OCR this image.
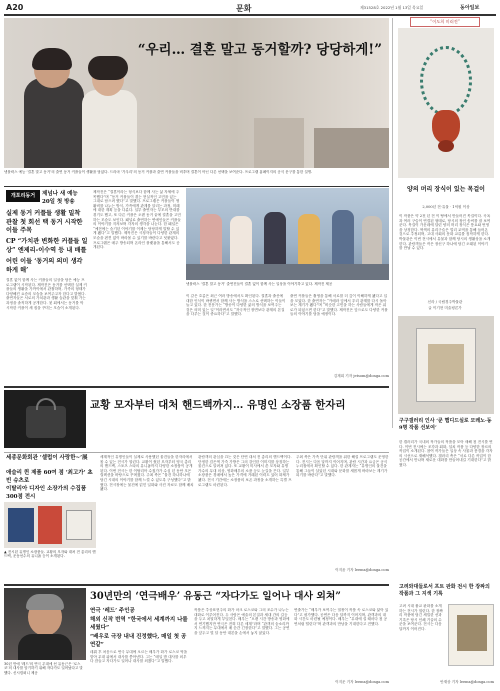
A20	문화	제31528호 2022년 1월 13일 목요일	동아일보
“우리… 결혼 말고 동거할까? 당당하게!”
넷플릭스 예능 ‘결혼 말고 동거’의 출연 동거 커플들이 생활을 담았다. 드라마 ‘가우리’의 동거 커플과 출연 커플들을 비추며 결혼이 아닌 다른 선택을 보여준다. 프로그램 홈페이지의 공식 문구를 통한 설명.
“이도희 미러전”
양의 머리 장식이 있는 목걸이
2,000년 전·유물 · 1억원 이상
이 작품은 약 2천 년 전 이 땅에서 만들어진 목걸이다. 곡옥과 여러 구슬이 연결된 형태로, 당시의 장인 솜씨를 잘 보여준다. 목걸이 가운데에 달린 양의 머리 장식은 풍요와 번영을 상징한다. 색색의 유리구슬은 멀리 교역을 통해 들어온 것으로 추정되며, 고대 사회의 문화 교류를 짐작하게 한다. 박물관은 이번 전시에서 유물과 함께 당시의 생활상을 소개한다. 관람객들은 작은 장신구 하나에 담긴 오래된 이야기를 만날 수 있다.
신라 / 국립경주박물관
글 이기현 미술평론가
개포리동거	제넘나 새 예능
20일 첫 방송
실제 동거 커플들 생활 밀착 관찰 첫 회선 택 동거 시작한 이들 주목
CP “가치관 변화한 커플들 일상” 엔제리-이수역 등 내 배틀
어린 이들 ‘동거의 의미 생각하게 해’
결혼 없이 함께 사는 커플들의 일상을 담은 예능 프로그램이 시작된다. 제작진은 동거를 선택한 실제 커플들의 생활을 가까이에서 관찰하며, 가족의 형태가 다양해진 요즘의 모습을 보여주고자 한다고 밝혔다. 출연자들은 서로의 가치관과 생활 습관을 맞춰 가는 과정을 솔직하게 공개한다. 첫 회에서는 동거를 막 시작한 커플이 새 집을 꾸미는 모습이 소개된다.
제작진은 “결혼이라는 형식보다 함께 사는 삶 자체에 주목했다”며 “동거 커플들이 겪는 현실적인 고민을 있는 그대로 담으려 했다”고 말했다. 프로그램은 커플들이 생활비를 나누는 방식, 가족에게 관계를 알리는 과정, 미래에 대한 계획 등을 다룬다. 일부 출연자는 부모의 반대를 겪기도 했고, 또 다른 커플은 오랜 동거 끝에 결혼을 고민하는 모습도 보인다. 패널로 출연하는 연예인들은 커플들의 이야기를 지켜보며 각자의 생각을 나눈다. 한 패널은 “예전에는 숨기던 이야기를 이제는 당당하게 말할 수 있게 됐다”고 말했다. 제작진은 시청자들이 다양한 관계의 모습을 편견 없이 바라볼 수 있기를 바란다고 덧붙였다. 프로그램은 매주 방송되며 온라인 플랫폼을 통해서도 공개된다.
넷플릭스 ‘결혼 말고 동거’ 출연진들이 결혼 없이 함께 사는 일상을 이야기하고 있다. 제작진 제공
이 같은 흐름은 최근 여러 방송에서도 확인된다. 결혼과 출산에 대한 인식이 바뀌면서 함께 사는 방식을 스스로 선택하는 이들이 늘고 있다. 한 전문가는 “방송이 다양한 삶의 방식을 보여주는 것은 의미 있는 일”이라면서도 “자극적인 장면보다 관계의 본질을 다루는 것이 중요하다”고 말했다.
출연 커플들은 촬영을 통해 서로를 더 깊이 이해하게 됐다고 입을 모았다. 한 출연자는 “카메라 앞에서 우리 관계를 다시 돌아보는 계기가 됐다”며 “비슷한 고민을 하는 사람들에게 작은 위로가 되었으면 한다”고 말했다. 제작진은 앞으로도 다양한 커플들의 이야기를 담을 예정이다.
김재희 기자 jetsom@donga.com
교황 모자부터 대처 핸드백까지… 유명인 소장품 한자리
세종문화회관 ‘셀럽이 사랑한~’展
애슬리 퀸 제품 60여 점 ‘최고가’ 초빈 슈츠로
이탈리아 디자인 소장가의 수집품 300점 전시
▲ 전시된 유명인 소장품들. 교황의 모자와 대처 전 총리의 핸드백, 운동선수의 유니폼 등이 소개된다.
세계적인 유명인들이 실제로 사용했던 물건들을 한자리에서 볼 수 있는 전시가 열린다. 교황이 썼던 모자부터 영국 총리의 핸드백, 스포츠 스타의 유니폼까지 다양한 소장품이 공개된다. 이번 전시는 한 이탈리아 수집가가 수십 년 동안 모은 컬렉션을 바탕으로 꾸며졌다. 주최 측은 “물건 하나하나에 담긴 시대의 이야기를 함께 느낄 수 있도록 구성했다”고 밝혔다. 전시장에는 물건에 얽힌 일화와 사진 자료도 함께 배치됐다.
관람객의 관심을 끄는 것은 단연 대처 전 총리의 핸드백이다. 단정한 검은색 가죽 가방은 그의 강인한 이미지를 상징하는 물건으로 알려져 있다. 또 교황이 미사에서 쓴 모자와 유명 가수의 무대 의상, 영화배우의 소품 등도 눈길을 끈다. 일부 소장품은 경매에서 높은 가격에 거래된 이력도 있어 화제가 됐다. 전시 기간에는 소장품의 보존 과정을 소개하는 특별 프로그램도 마련된다.
주최 측은 가족 단위 관람객을 위한 해설 프로그램도 운영한다. 전시는 다음 달까지 이어지며, 관람 시간과 요금은 공식 누리집에서 확인할 수 있다. 한 관계자는 “유명인의 물건을 통해 그들이 살았던 시대와 문화를 새롭게 바라보는 계기가 되기를 바란다”고 말했다.
이지윤 기자 leemz@donga.com
구구갤러리 인사 ‘쿤 햄디드실로 모레노·동 9명 작품 선보여’
한 갤러리가 국내외 작가들의 작품을 모아 새해 첫 전시를 연다. 이번 전시에는 조각과 회화, 설치 작품 등 다양한 장르의 작업이 소개된다. 참여 작가들은 일상 속 사물과 풍경을 각자의 시선으로 재해석했다. 갤러리 측은 “서로 다른 작업이 한 공간에서 만나며 새로운 대화를 만들어내길 기대한다”고 밝혔다.
30년만의 ‘연극배우’ 유동근 “자다가도 일어나 대사 외쳐”
연극 ‘레드’ 주인공
해외 신작 번역 “한국에서 세계까지 나를 세웠다”
“배우로 극장 내내 진정했다, 매일 첫 공연같”
30년 만에 ‘레드’의 연극 무대에 선 유동근은 ‘로스코’의 대사를 암기하기 위해 자다가도 일어났다고 말했다. 신시컴퍼니 제공
데뷔 후 처음으로 연극 무대에 오르는 배우가 화가 로스코 역을 맡아 무대 위에서 대사를 쏟아낸다. 그는 “매일 밤 대사를 외우다 잠들고 자다가도 일어나 대사를 외쳤다”고 말했다.
작품은 추상표현주의 화가 마크 로스코와 그의 조수가 나누는 대화로 이루어진다. 두 사람은 예술의 본질과 세대 간의 갈등을 두고 치열하게 부딪친다. 배우는 “오랜 시간 방송과 영화에서 연기했지만 연극은 전혀 다른 세계”라며 “관객의 숨소리까지 느껴지는 무대에서 매 순간 긴장한다”고 말했다. 그는 공연을 앞두고 몇 달 동안 대본을 손에서 놓지 않았다.
연출가는 “배우가 보여주는 열정이 작품 속 로스코와 닮아 있다”고 평가했다. 공연은 다음 달까지 이어지며, 관객과의 대화 시간도 마련될 예정이다. 배우는 “무대에 설 때마다 첫 공연처럼 떨린다”며 관객과의 만남을 기대한다고 전했다.
이지운 기자 leemz@donga.com
고려와대들로서 프트 판화 전시 한 장짜의 작품과 그 지색 기록
고려 시대 불교 판화를 소개하는 전시가 열린다. 한 장짜리 작품에 담긴 세밀한 선과 기록은 당시 인쇄 기술의 수준을 보여준다. 전시는 다음 달까지 이어진다.
안재상 기자 leemz@donga.com
